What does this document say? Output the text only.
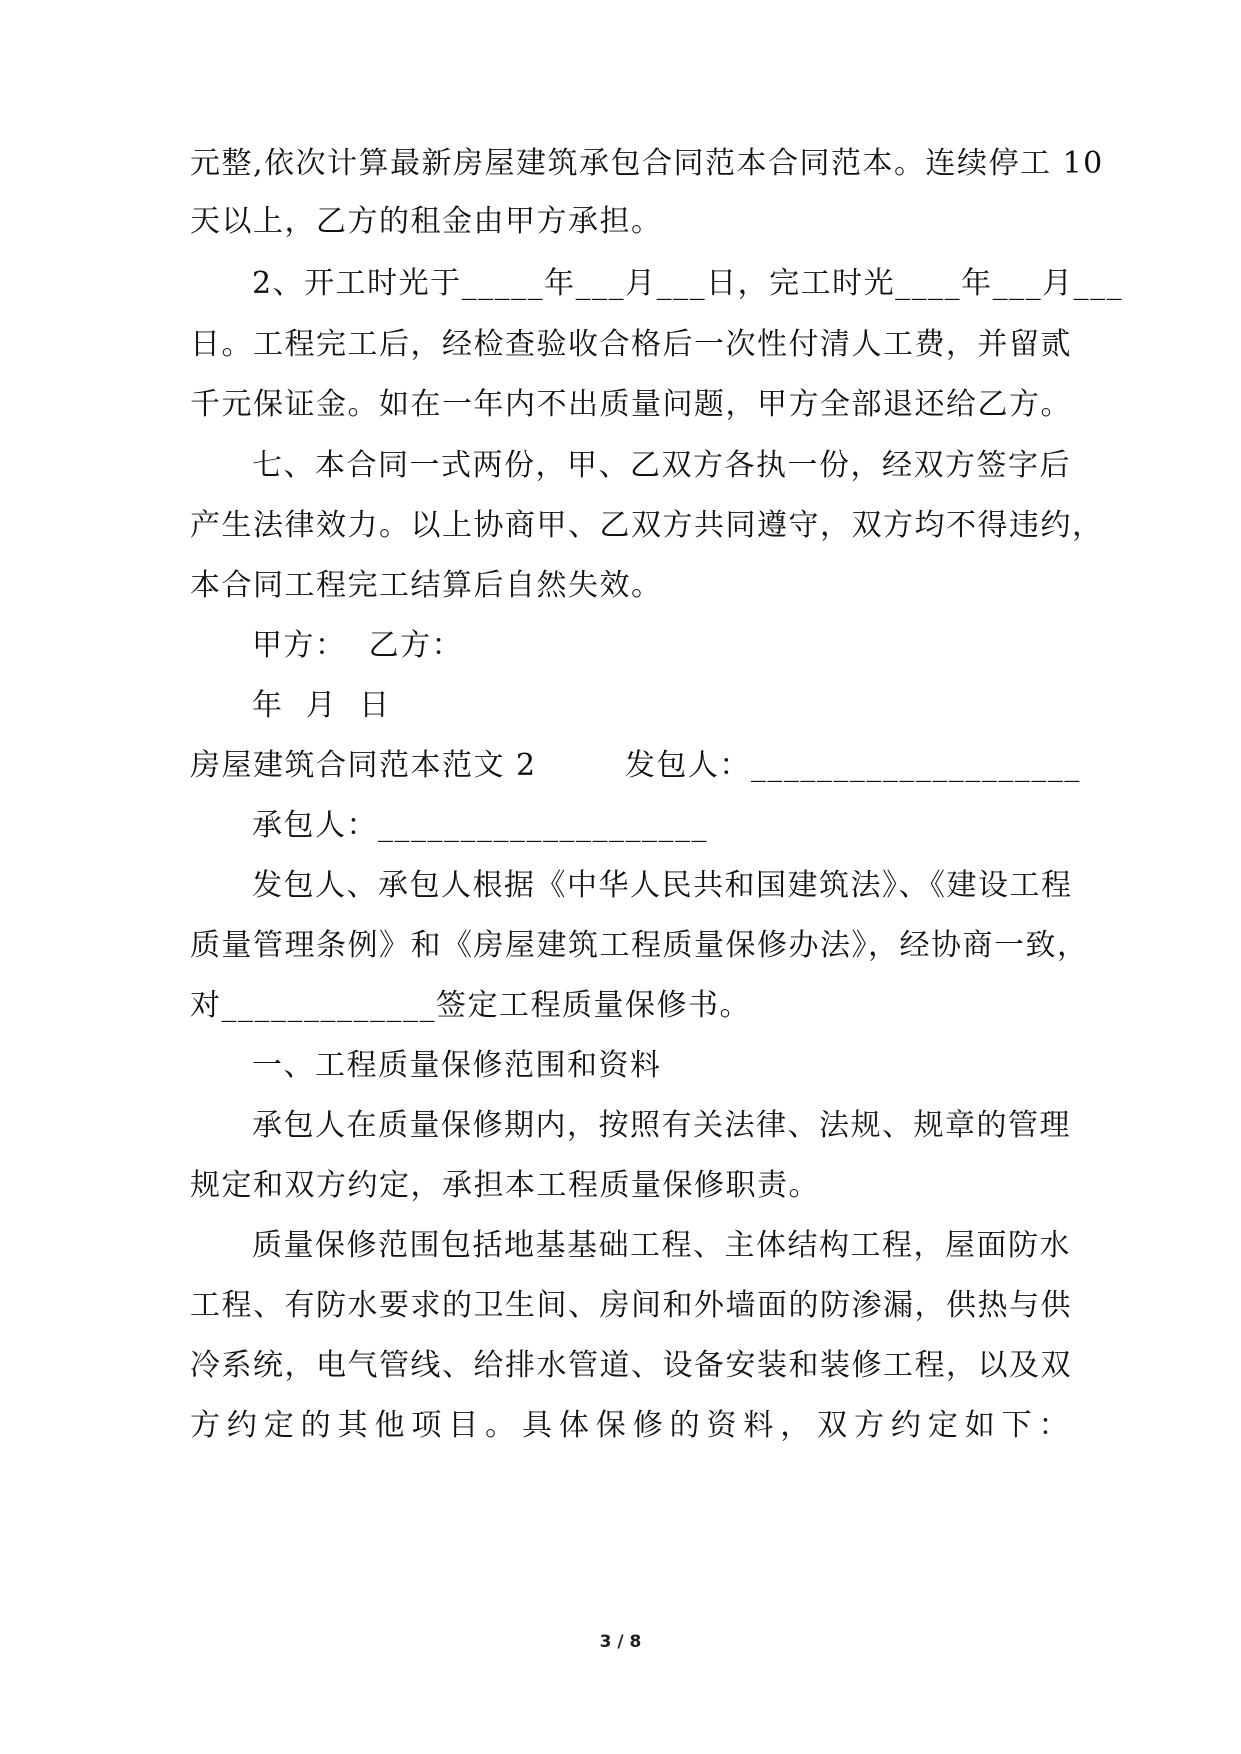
元整,依次计算最新房屋建筑承包合同范本合同范本。连续停工 10
天以上，乙方的租金由甲方承担。
2、开工时光于_____年___月___日，完工时光____年___月___
日。工程完工后，经检查验收合格后一次性付清人工费，并留贰
千元保证金。如在一年内不出质量问题，甲方全部退还给乙方。
七、本合同一式两份，甲、乙双方各执一份，经双方签字后
产生法律效力。以上协商甲、乙双方共同遵守，双方均不得违约，
本合同工程完工结算后自然失效。
甲方：  乙方：
年  月  日
房屋建筑合同范本范文 2        发包人：____________________
承包人：____________________
发包人、承包人根据《中华人民共和国建筑法》、《建设工程
质量管理条例》和《房屋建筑工程质量保修办法》，经协商一致，
对_____________签定工程质量保修书。
一、工程质量保修范围和资料
承包人在质量保修期内，按照有关法律、法规、规章的管理
规定和双方约定，承担本工程质量保修职责。
质量保修范围包括地基基础工程、主体结构工程，屋面防水
工程、有防水要求的卫生间、房间和外墙面的防渗漏，供热与供
冷系统，电气管线、给排水管道、设备安装和装修工程，以及双
方约定的其他项目。具体保修的资料，双方约定如下：
3 / 8
